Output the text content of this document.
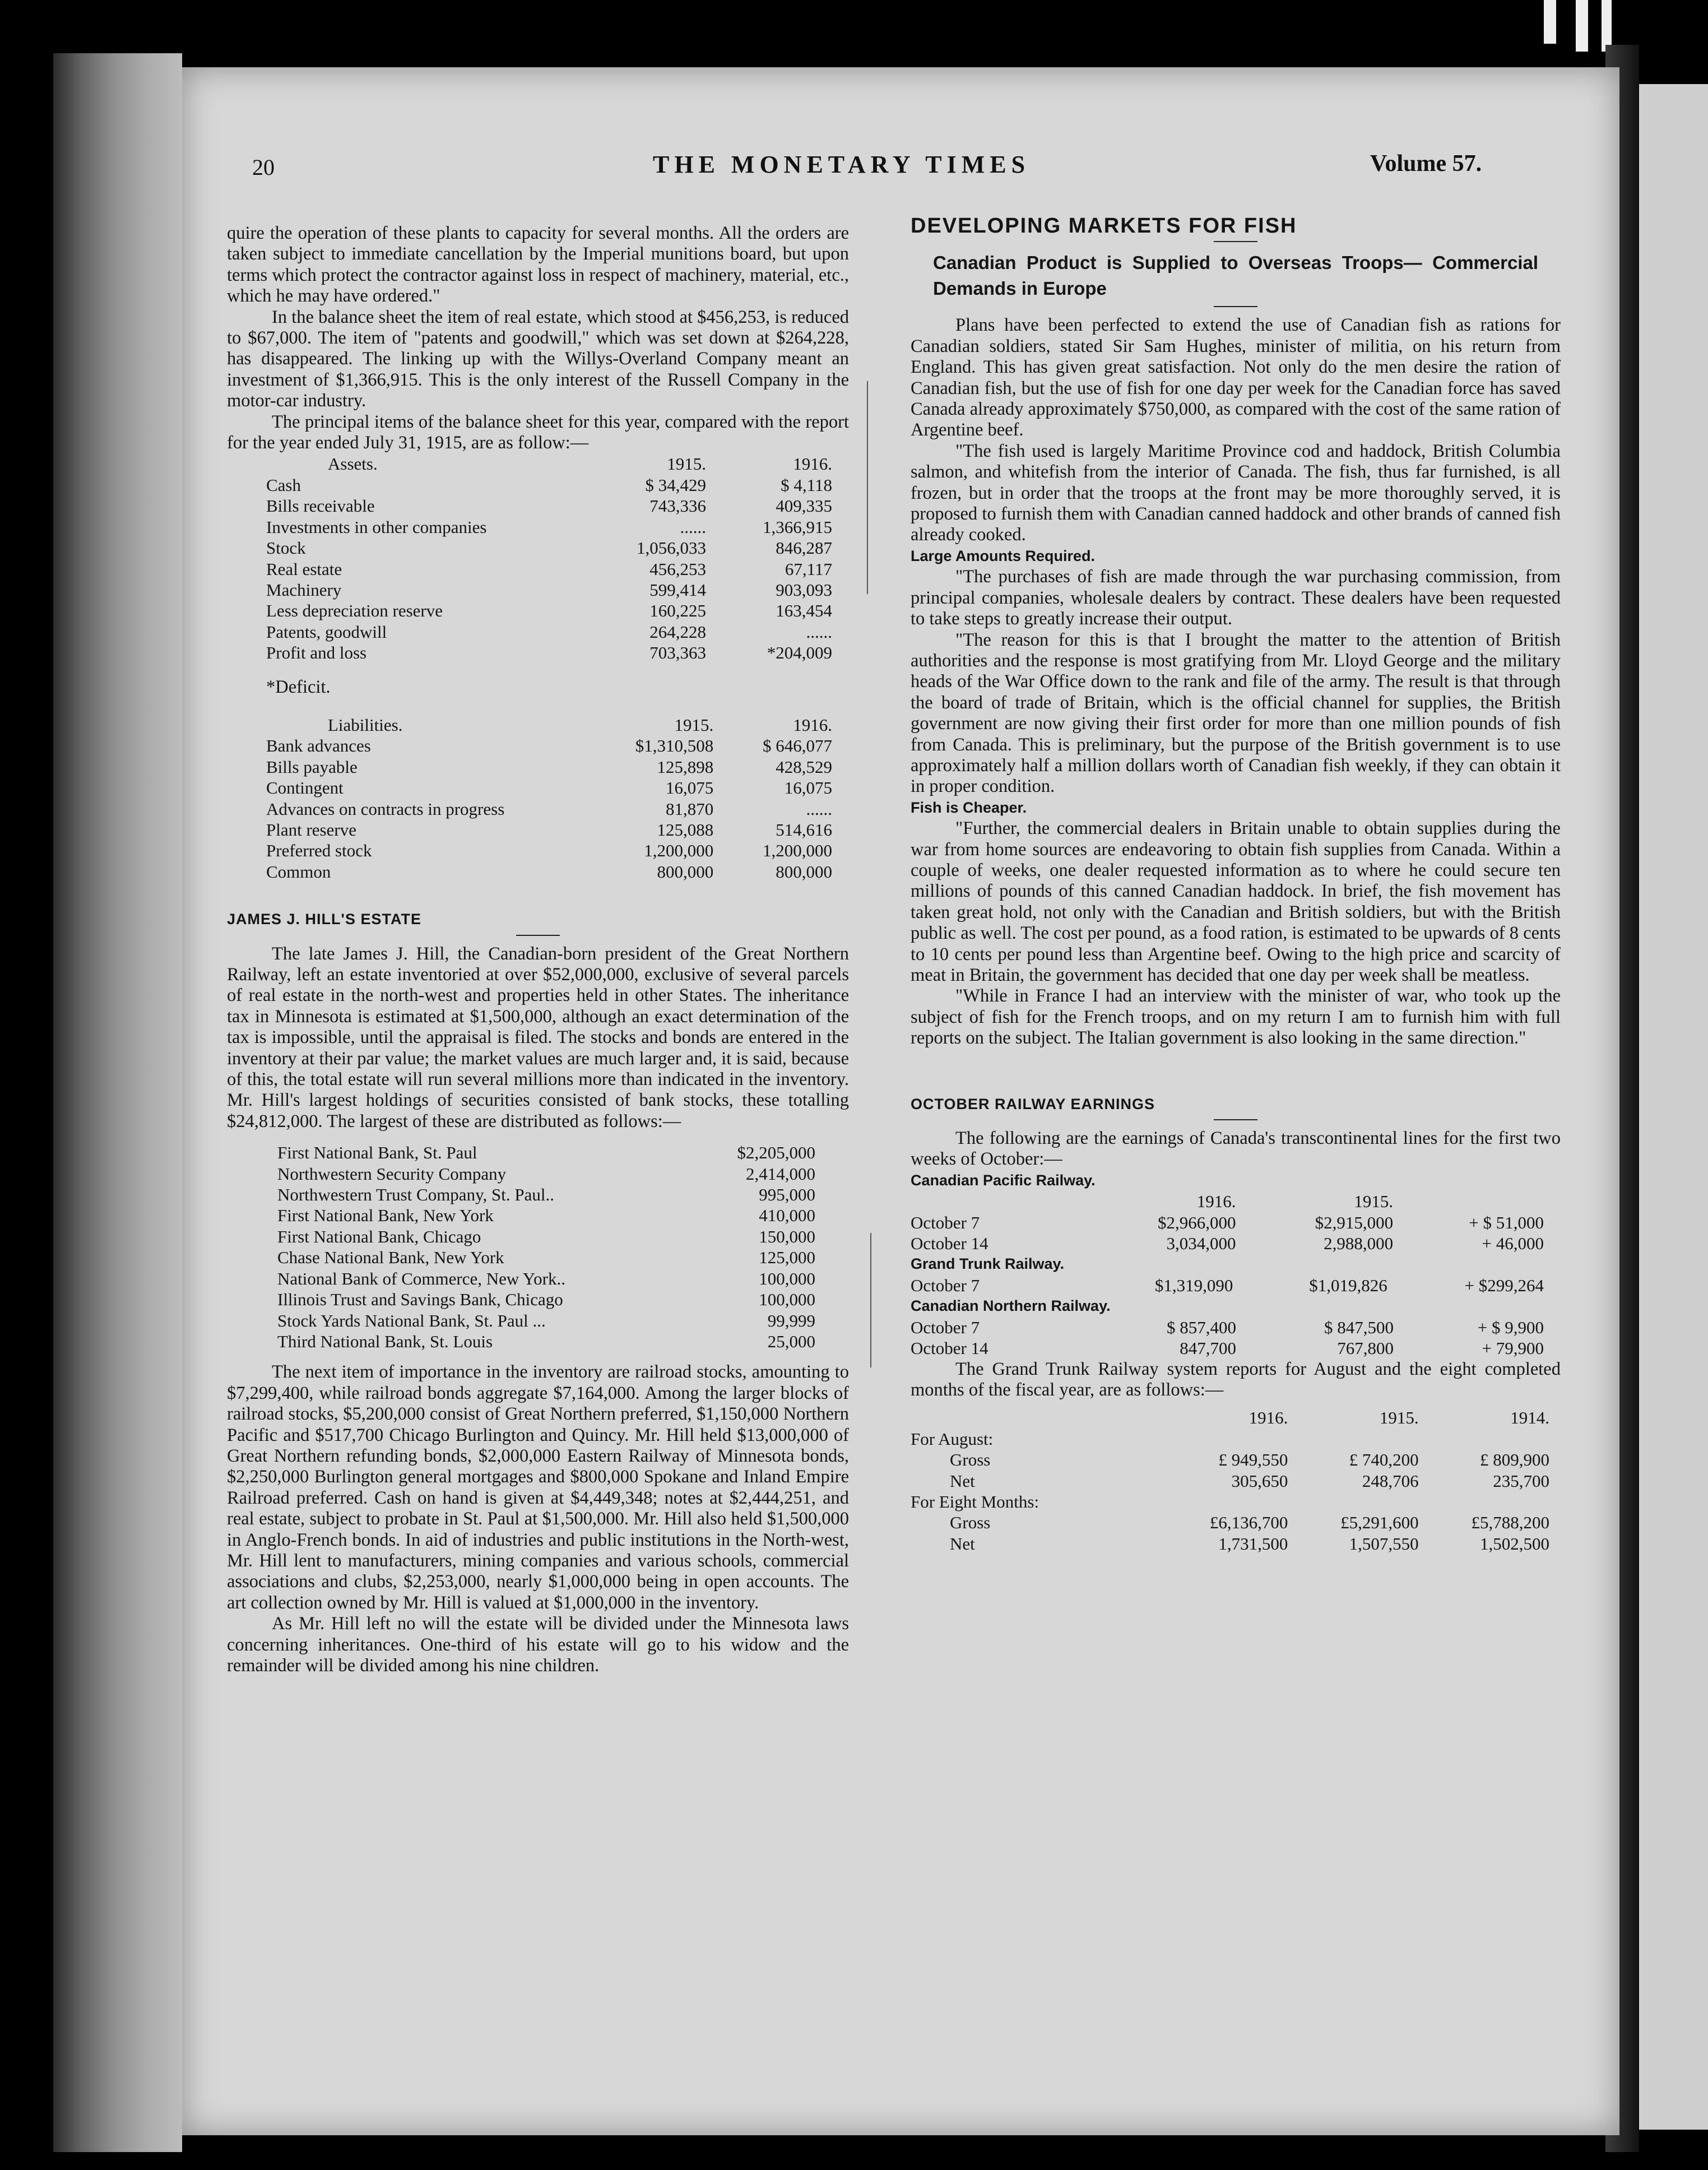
20	THE MONETARY TIMES	Volume 57.

quire the operation of these plants to capacity for several months. All the orders are taken subject to immediate cancellation by the Imperial munitions board, but upon terms which protect the contractor against loss in respect of machinery, material, etc., which he may have ordered."

In the balance sheet the item of real estate, which stood at $456,253, is reduced to $67,000. The item of "patents and goodwill," which was set down at $264,228, has disappeared. The linking up with the Willys-Overland Company meant an investment of $1,366,915. This is the only interest of the Russell Company in the motor-car industry.

The principal items of the balance sheet for this year, compared with the report for the year ended July 31, 1915, are as follow:—

Assets.	1915.	1916.
Cash	$ 34,429	$ 4,118
Bills receivable	743,336	409,335
Investments in other companies	......	1,366,915
Stock	1,056,033	846,287
Real estate	456,253	67,117
Machinery	599,414	903,093
Less depreciation reserve	160,225	163,454
Patents, goodwill	264,228	......
Profit and loss	703,363	*204,009
*Deficit.
Liabilities.	1915.	1916.
Bank advances	$1,310,508	$ 646,077
Bills payable	125,898	428,529
Contingent	16,075	16,075
Advances on contracts in progress	81,870	......
Plant reserve	125,088	514,616
Preferred stock	1,200,000	1,200,000
Common	800,000	800,000

JAMES J. HILL'S ESTATE

The late James J. Hill, the Canadian-born president of the Great Northern Railway, left an estate inventoried at over $52,000,000, exclusive of several parcels of real estate in the north-west and properties held in other States. The inheritance tax in Minnesota is estimated at $1,500,000, although an exact determination of the tax is impossible, until the appraisal is filed. The stocks and bonds are entered in the inventory at their par value; the market values are much larger and, it is said, because of this, the total estate will run several millions more than indicated in the inventory. Mr. Hill's largest holdings of securities consisted of bank stocks, these totalling $24,812,000. The largest of these are distributed as follows:—

First National Bank, St. Paul	$2,205,000
Northwestern Security Company	2,414,000
Northwestern Trust Company, St. Paul..	995,000
First National Bank, New York	410,000
First National Bank, Chicago	150,000
Chase National Bank, New York	125,000
National Bank of Commerce, New York..	100,000
Illinois Trust and Savings Bank, Chicago	100,000
Stock Yards National Bank, St. Paul ...	99,999
Third National Bank, St. Louis	25,000

The next item of importance in the inventory are railroad stocks, amounting to $7,299,400, while railroad bonds aggregate $7,164,000. Among the larger blocks of railroad stocks, $5,200,000 consist of Great Northern preferred, $1,150,000 Northern Pacific and $517,700 Chicago Burlington and Quincy. Mr. Hill held $13,000,000 of Great Northern refunding bonds, $2,000,000 Eastern Railway of Minnesota bonds, $2,250,000 Burlington general mortgages and $800,000 Spokane and Inland Empire Railroad preferred. Cash on hand is given at $4,449,348; notes at $2,444,251, and real estate, subject to probate in St. Paul at $1,500,000. Mr. Hill also held $1,500,000 in Anglo-French bonds. In aid of industries and public institutions in the North-west, Mr. Hill lent to manufacturers, mining companies and various schools, commercial associations and clubs, $2,253,000, nearly $1,000,000 being in open accounts. The art collection owned by Mr. Hill is valued at $1,000,000 in the inventory.

As Mr. Hill left no will the estate will be divided under the Minnesota laws concerning inheritances. One-third of his estate will go to his widow and the remainder will be divided among his nine children.

DEVELOPING MARKETS FOR FISH

Canadian Product is Supplied to Overseas Troops— Commercial Demands in Europe

Plans have been perfected to extend the use of Canadian fish as rations for Canadian soldiers, stated Sir Sam Hughes, minister of militia, on his return from England. This has given great satisfaction. Not only do the men desire the ration of Canadian fish, but the use of fish for one day per week for the Canadian force has saved Canada already approximately $750,000, as compared with the cost of the same ration of Argentine beef.

"The fish used is largely Maritime Province cod and haddock, British Columbia salmon, and whitefish from the interior of Canada. The fish, thus far furnished, is all frozen, but in order that the troops at the front may be more thoroughly served, it is proposed to furnish them with Canadian canned haddock and other brands of canned fish already cooked.

Large Amounts Required.

"The purchases of fish are made through the war purchasing commission, from principal companies, wholesale dealers by contract. These dealers have been requested to take steps to greatly increase their output.

"The reason for this is that I brought the matter to the attention of British authorities and the response is most gratifying from Mr. Lloyd George and the military heads of the War Office down to the rank and file of the army. The result is that through the board of trade of Britain, which is the official channel for supplies, the British government are now giving their first order for more than one million pounds of fish from Canada. This is preliminary, but the purpose of the British government is to use approximately half a million dollars worth of Canadian fish weekly, if they can obtain it in proper condition.

Fish is Cheaper.

"Further, the commercial dealers in Britain unable to obtain supplies during the war from home sources are endeavoring to obtain fish supplies from Canada. Within a couple of weeks, one dealer requested information as to where he could secure ten millions of pounds of this canned Canadian haddock. In brief, the fish movement has taken great hold, not only with the Canadian and British soldiers, but with the British public as well. The cost per pound, as a food ration, is estimated to be upwards of 8 cents to 10 cents per pound less than Argentine beef. Owing to the high price and scarcity of meat in Britain, the government has decided that one day per week shall be meatless.

"While in France I had an interview with the minister of war, who took up the subject of fish for the French troops, and on my return I am to furnish him with full reports on the subject. The Italian government is also looking in the same direction."

OCTOBER RAILWAY EARNINGS

The following are the earnings of Canada's transcontinental lines for the first two weeks of October:—

Canadian Pacific Railway.

	1916.	1915.	
October 7	$2,966,000	$2,915,000	+ $ 51,000
October 14	3,034,000	2,988,000	+ 46,000

Grand Trunk Railway.

October 7	$1,319,090	$1,019,826	+ $299,264

Canadian Northern Railway.

October 7	$ 857,400	$ 847,500	+ $ 9,900
October 14	847,700	767,800	+ 79,900

The Grand Trunk Railway system reports for August and the eight completed months of the fiscal year, are as follows:—

	1916.	1915.	1914.
For August:			
Gross	£ 949,550	£ 740,200	£ 809,900
Net	305,650	248,706	235,700
For Eight Months:			
Gross	£6,136,700	£5,291,600	£5,788,200
Net	1,731,500	1,507,550	1,502,500
